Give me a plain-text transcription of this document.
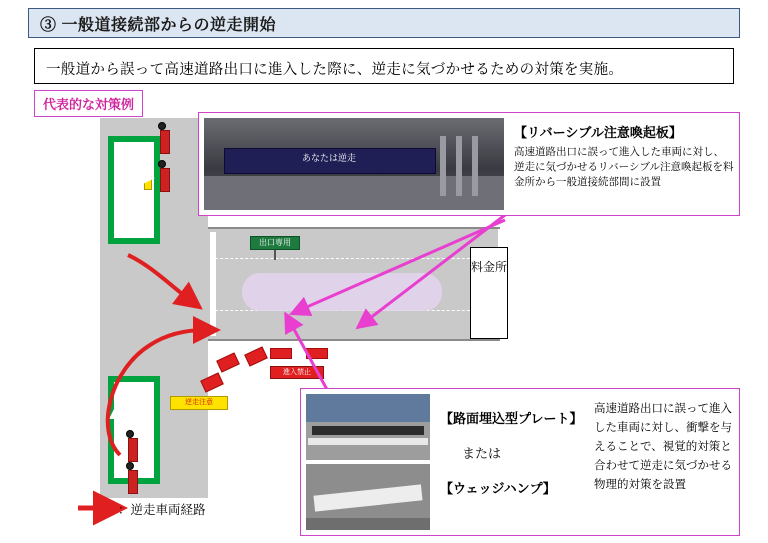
③ 一般道接続部からの逆走開始
一般道から誤って高速道路出口に進入した際に、逆走に気づかせるための対策を実施。
代表的な対策例
出口専用
進入禁止
逆走注意
料金所
：逆走車両経路
あなたは逆走
【リバーシブル注意喚起板】
高速道路出口に誤って進入した車両に対し、逆走に気づかせるリバーシブル注意喚起板を料金所から一般道接続部間に設置
【路面埋込型プレート】
または
【ウェッジハンプ】
高速道路出口に誤って進入した車両に対し、衝撃を与えることで、視覚的対策と合わせて逆走に気づかせる物理的対策を設置
